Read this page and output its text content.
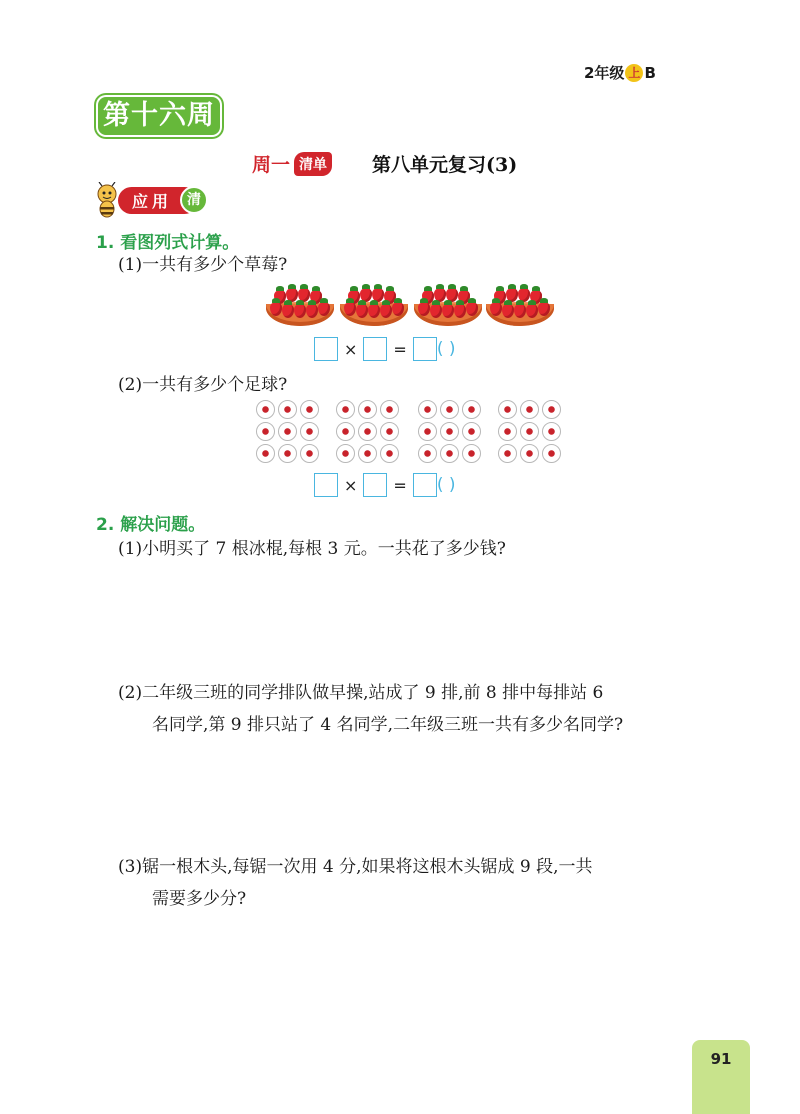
2年级 上 B
第十六周
周一 清单 第八单元复习(3)
应用	清
1. 看图列式计算。
(1)一共有多少个草莓?
× = ( )
(2)一共有多少个足球?
× = ( )
2. 解决问题。
(1)小明买了 7 根冰棍,每根 3 元。一共花了多少钱?
(2)二年级三班的同学排队做早操,站成了 9 排,前 8 排中每排站 6
名同学,第 9 排只站了 4 名同学,二年级三班一共有多少名同学?
(3)锯一根木头,每锯一次用 4 分,如果将这根木头锯成 9 段,一共
需要多少分?
91
